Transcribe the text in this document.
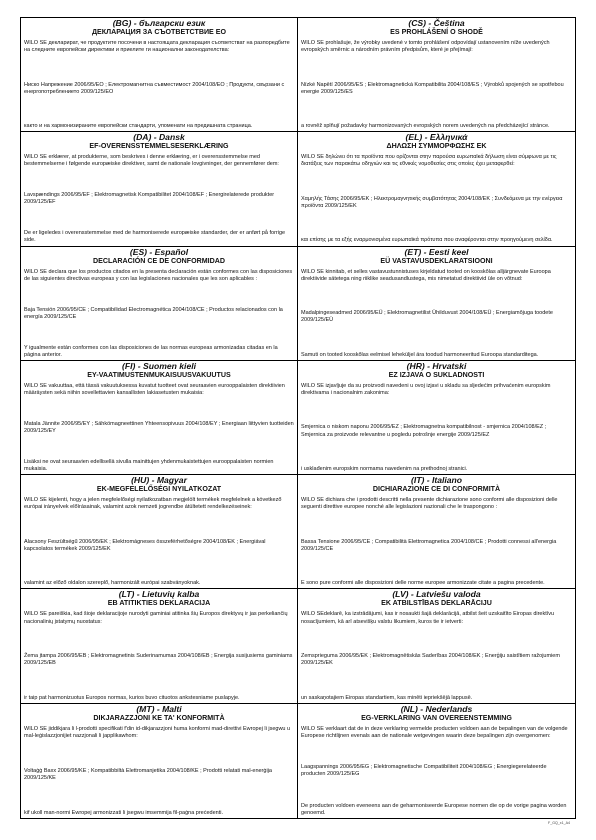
(BG) - български език
ДЕКЛАРАЦИЯ ЗА СЪОТВЕТСТВИЕ ЕО

WILO SE декларират, че продуктите посочени в настоящата декларация съответстват на разпоредбите на следните европейски директиви и приелите ги национални законодателства:

Ниско Напрежение 2006/95/EO ; Електромагнитна съвместимост 2004/108/EO ; Продукти, свързани с енергопотреблението 2009/125/EO

както и на хармонизираните европейски стандарти, упоменати на предишната страница.

(CS) - Čeština
ES PROHLÁŠENÍ O SHODĚ

WILO SE prohlašuje, že výrobky uvedené v tomto prohlášení odpovídají ustanovením níže uvedených evropských směrnic a národním právním předpisům, které je přejímají:

Nízké Napětí 2006/95/ES ; Elektromagnetická Kompatibilita 2004/108/ES ; Výrobků spojených se spotřebou energie 2009/125/ES

a rovněž splňují požadavky harmonizovaných evropských norem uvedených na předcházející stránce.

(DA) - Dansk
EF-OVERENSSTEMMELSESERKLÆRING

WILO SE erklærer, at produkterne, som beskrives i denne erklæring, er i overensstemmelse med bestemmelserne i følgende europæiske direktiver, samt de nationale lovgivninger, der gennemfører dem:

Lavspændings 2006/95/EF ; Elektromagnetisk Kompatibilitet 2004/108/EF ; Energirelaterede produkter 2009/125/EF

De er ligeledes i overensstemmelse med de harmoniserede europæiske standarder, der er anført på forrige side.

(EL) - Ελληνικά
ΔΗΛΩΣΗ ΣΥΜΜΟΡΦΩΣΗΣ ΕΚ

WILO SE δηλώνει ότι τα προϊόντα που ορίζονται στην παρούσα ευρωπαϊκά δήλωση είναι σύμφωνα με τις διατάξεις των παρακάτω οδηγιών και τις εθνικές νομοθεσίες στις οποίες έχει μεταφερθεί:

Χαμηλής Τάσης 2006/95/ΕΚ ; Ηλεκτρομαγνητικής συμβατότητας 2004/108/ΕΚ ; Συνδεόμενα με την ενέργεια προϊόντα 2009/125/ΕΚ

και επίσης με τα εξής εναρμονισμένα ευρωπαϊκά πρότυπα που αναφέρονται στην προηγούμενη σελίδα.

(ES) - Español
DECLARACIÓN CE DE CONFORMIDAD

WILO SE declara que los productos citados en la presenta declaración están conformes con las disposiciones de las siguientes directivas europeas y con las legislaciones nacionales que les son aplicables :

Baja Tensión 2006/95/CE ; Compatibilidad Electromagnética 2004/108/CE ; Productos relacionados con la energía 2009/125/CE

Y igualmente están conformes con las disposiciones de las normas europeas armonizadas citadas en la página anterior.

(ET) - Eesti keel
EÜ VASTAVUSDEKLARATSIOONI

WILO SE kinnitab, et selles vastavustunnistuses kirjeldatud tooted on kooskõlas alljärgnevate Euroopa direktiivide sätetega ning riiklike seadusandlustega, mis nimetatud direktiivid üle on võtnud:

Madalpingeseadmed 2006/95/EÜ ; Elektromagnetilist Ühilduvust 2004/108/EÜ ; Energiamõjuga toodete 2009/125/EÜ

Samuti on tooted kooskõlas eelmisel leheküljel ära toodud harmoneeritud Euroopa standarditega.

(FI) - Suomen kieli
EY-VAATIMUSTENMUKAISUUSVAKUUTUS

WILO SE vakuuttaa, että tässä vakuutuksessa kuvatut tuotteet ovat seuraavien eurooppalaisten direktiivien määräysten sekä niihin sovellettavien kansallisten lakiasetusten mukaisia:

Matala Jännite 2006/95/EY ; Sähkömagneettinen Yhteensopivuus 2004/108/EY ; Energiaan liittyvien tuotteiden 2009/125/EY

Lisäksi ne ovat seuraavien edellisellä sivulla mainittujen yhdenmukaistettujen eurooppalaisten normien mukaisia.

(HR) - Hrvatski
EZ IZJAVA O SUKLADNOSTI

WILO SE izjavljuje da su proizvodi navedeni u ovoj izjavi u skladu sa sljedećim prihvaćenim europskim direktivama i nacionalnim zakonima:

Smjernica o niskom naponu 2006/95/EZ ; Elektromagnetna kompatibilnost - smjernica 2004/108/EZ ; Smjernica za proizvode relevantne u pogledu potrošnje energije 2009/125/EZ

i usklađenim europskim normama navedenim na prethodnoj stranici.

(HU) - Magyar
EK-MEGFELELŐSÉGI NYILATKOZAT

WILO SE kijelenti, hogy a jelen megfelelőségi nyilatkozatban megjelölt termékek megfelelnek a következő európai irányelvek előírásainak, valamint azok nemzeti jogrendbe átültetett rendelkezéseinek:

Alacsony Feszültségű 2006/95/EK ; Elektromágneses összeférhetőségre 2004/108/EK ; Energiával kapcsolatos termékek 2009/125/EK

valamint az előző oldalon szereplő, harmonizált európai szabványoknak.

(IT) - Italiano
DICHIARAZIONE CE DI CONFORMITÀ

WILO SE dichiara che i prodotti descritti nella presente dichiarazione sono conformi alle disposizioni delle seguenti direttive europee nonché alle legislazioni nazionali che le traspongono :

Bassa Tensione 2006/95/CE ; Compatibilità Elettromagnetica 2004/108/CE ; Prodotti connessi all'energia 2009/125/CE

E sono pure conformi alle disposizioni delle norme europee armonizzate citate a pagina precedente.

(LT) - Lietuvių kalba
EB ATITIKTIES DEKLARACIJA

WILO SE pareiškia, kad šioje deklaracijoje nurodyti gaminiai atitinka šių Europos direktyvų ir jas perkeliančių nacionalinių įstatymų nuostatus:

Žema įtampa 2006/95/EB ; Elektromagnetinis Suderinamumas 2004/108/EB ; Energija susijusiems gaminiams 2009/125/EB

ir taip pat harmonizuotus Europos normas, kurios buvo cituotos ankstesniame puslapyje.

(LV) - Latviešu valoda
EK ATBILSTĪBAS DEKLARĀCIJU

WILO SEdeklarē, ka izstrādājumi, kas ir nosaukti šajā deklarācijā, atbilst šeit uzskaitīto Eiropas direktīvu nosacījumiem, kā arī atsevišķu valstu likumiem, kuros tie ir ietverti:

Zemsprieguma 2006/95/EK ; Elektromagnētiskās Saderības 2004/108/EK ; Enerģiju saistītiem ražojumiem 2009/125/EK

un saskaņotajiem Eiropas standartiem, kas minēti iepriekšējā lappusē.

(MT) - Malti
DIKJARAZZJONI KE TA' KONFORMITÀ

WILO SE jiddikjara li l-prodotti specifikati f'din id-dikjarazzjoni huma konformi mad-direttivi Ewropej li jsegwu u mal-leġislazzjonijiet nazzjonali li japplikawhom:

Voltaġġ Baxx 2006/95/KE ; Kompatibbiltà Elettromanjetika 2004/108/KE ; Prodotti relatati mal-enerġija 2009/125/KE

kif ukoll man-normi Ewropej armonizzati li jsegwu imsemmija fil-paġna preċedenti.

(NL) - Nederlands
EG-VERKLARING VAN OVEREENSTEMMING

WILO SE verklaart dat de in deze verklaring vermelde producten voldoen aan de bepalingen van de volgende Europese richtlijnen evenals aan de nationale wetgevingen waarin deze bepalingen zijn overgenomen:

Laagspannings 2006/95/EG ; Elektromagnetische Compatibiliteit 2004/108/EG ; Energiegerelateerde producten 2009/125/EG

De producten voldoen eveneens aan de geharmoniseerde Europese normen die op de vorige pagina worden genoemd.

F_GQ_x1_A4
